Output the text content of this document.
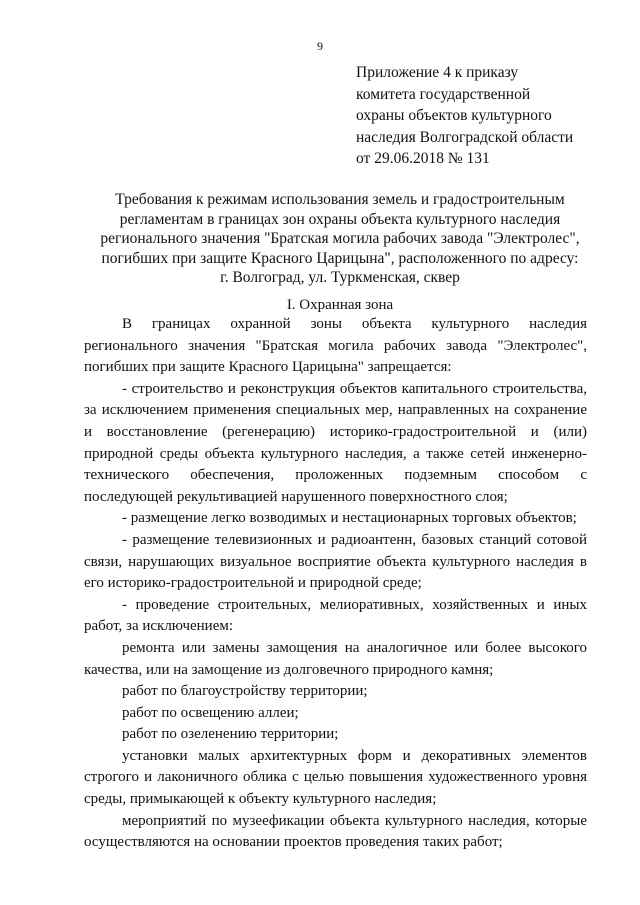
9
Приложение 4 к приказу
комитета государственной
охраны объектов культурного
наследия Волгоградской области
от 29.06.2018 № 131
Требования к режимам использования земель и градостроительным
регламентам в границах зон охраны объекта культурного наследия
регионального значения "Братская могила рабочих завода "Электролес",
погибших при защите Красного Царицына", расположенного по адресу:
г. Волгоград, ул. Туркменская, сквер
I. Охранная зона

В границах охранной зоны объекта культурного наследия
регионального значения "Братская могила рабочих завода "Электролес",
погибших при защите Красного Царицына" запрещается:

- строительство и реконструкция объектов капитального строительства,
за исключением применения специальных мер, направленных на сохранение
и восстановление (регенерацию) историко-градостроительной и (или)
природной среды объекта культурного наследия, а также сетей инженерно-
технического обеспечения, проложенных подземным способом с
последующей рекультивацией нарушенного поверхностного слоя;

- размещение легко возводимых и нестационарных торговых объектов;

- размещение телевизионных и радиоантенн, базовых станций сотовой
связи, нарушающих визуальное восприятие объекта культурного наследия в
его историко-градостроительной и природной среде;

- проведение строительных, мелиоративных, хозяйственных и иных
работ, за исключением:

ремонта или замены замощения на аналогичное или более высокого
качества, или на замощение из долговечного природного камня;

работ по благоустройству территории;

работ по освещению аллеи;

работ по озеленению территории;

установки малых архитектурных форм и декоративных элементов
строгого и лаконичного облика с целью повышения художественного уровня
среды, примыкающей к объекту культурного наследия;

мероприятий по музеефикации объекта культурного наследия, которые
осуществляются на основании проектов проведения таких работ;
